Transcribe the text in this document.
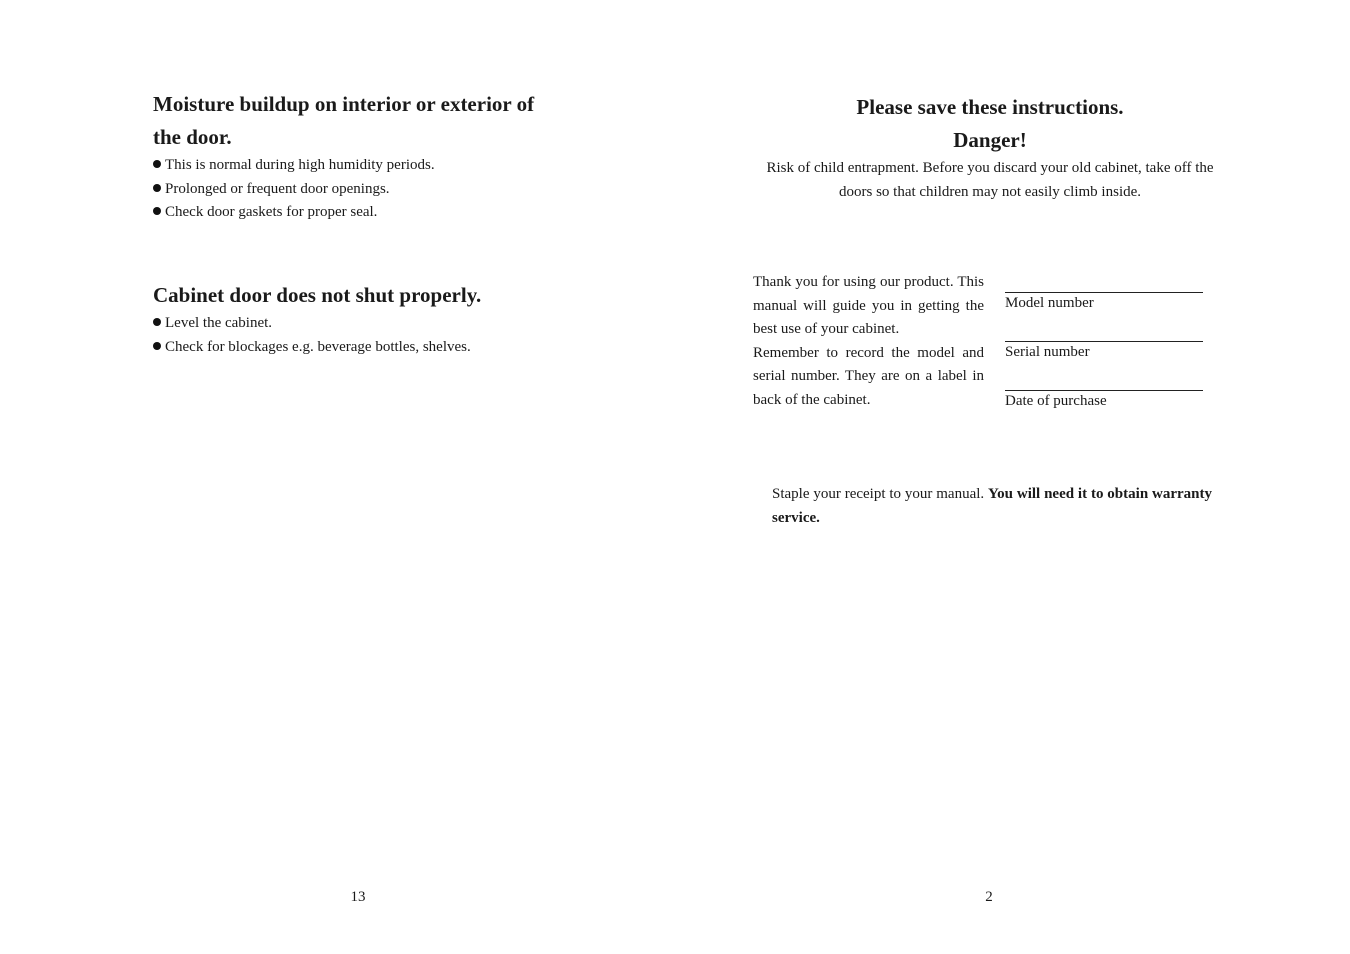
Moisture buildup on interior or exterior of
the door.
This is normal during high humidity periods.
Prolonged or frequent door openings.
Check door gaskets for proper seal.
Cabinet door does not shut properly.
Level the cabinet.
Check for blockages e.g. beverage bottles, shelves.
13
Please save these instructions.
Danger!
Risk of child entrapment. Before you discard your old cabinet, take off the doors so that children may not easily climb inside.

Thank you for using our product. This manual will guide you in getting the best use of your cabinet.

Remember to record the model and serial number. They are on a label in back of the cabinet.

Model number
Serial number
Date of purchase
Staple your receipt to your manual. You will need it to obtain warranty service.
2
